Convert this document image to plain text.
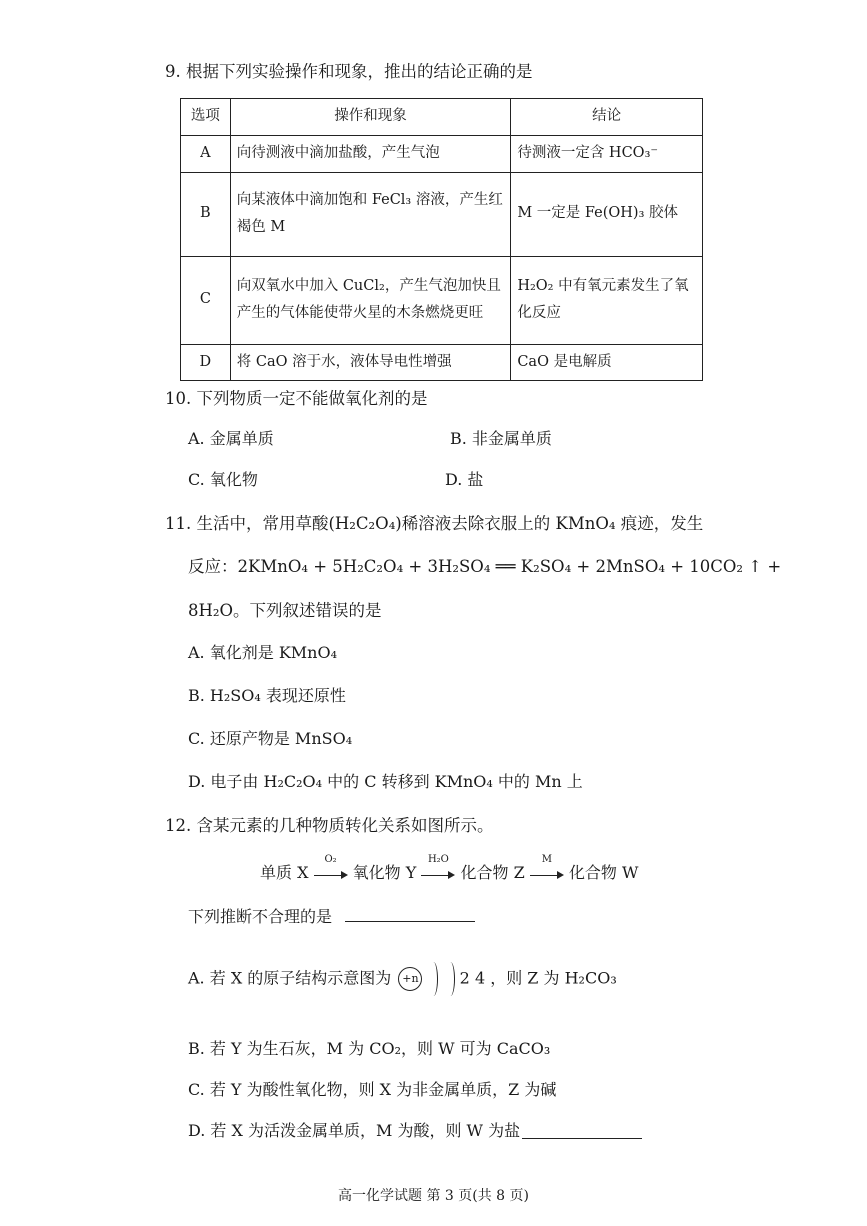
9. 根据下列实验操作和现象，推出的结论正确的是
选项	操作和现象	结论
A	向待测液中滴加盐酸，产生气泡	待测液一定含 HCO₃⁻
B	向某液体中滴加饱和 FeCl₃ 溶液，产生红褐色 M	M 一定是 Fe(OH)₃ 胶体
C	向双氧水中加入 CuCl₂，产生气泡加快且产生的气体能使带火星的木条燃烧更旺	H₂O₂ 中有氧元素发生了氧化反应
D	将 CaO 溶于水，液体导电性增强	CaO 是电解质
10. 下列物质一定不能做氧化剂的是
A. 金属单质	B. 非金属单质
C. 氧化物	D. 盐
11. 生活中，常用草酸(H₂C₂O₄)稀溶液去除衣服上的 KMnO₄ 痕迹，发生
反应：2KMnO₄ + 5H₂C₂O₄ + 3H₂SO₄ ══ K₂SO₄ + 2MnSO₄ + 10CO₂ ↑ +
8H₂O。下列叙述错误的是
A. 氧化剂是 KMnO₄
B. H₂SO₄ 表现还原性
C. 还原产物是 MnSO₄
D. 电子由 H₂C₂O₄ 中的 C 转移到 KMnO₄ 中的 Mn 上
12. 含某元素的几种物质转化关系如图所示。
单质 X
O₂
氧化物 Y
H₂O
化合物 Z
M
化合物 W
下列推断不合理的是
A. 若 X 的原子结构示意图为 +n	2 4 ，则 Z 为 H₂CO₃
B. 若 Y 为生石灰，M 为 CO₂，则 W 可为 CaCO₃
C. 若 Y 为酸性氧化物，则 X 为非金属单质，Z 为碱
D. 若 X 为活泼金属单质，M 为酸，则 W 为盐
高一化学试题 第 3 页(共 8 页)
